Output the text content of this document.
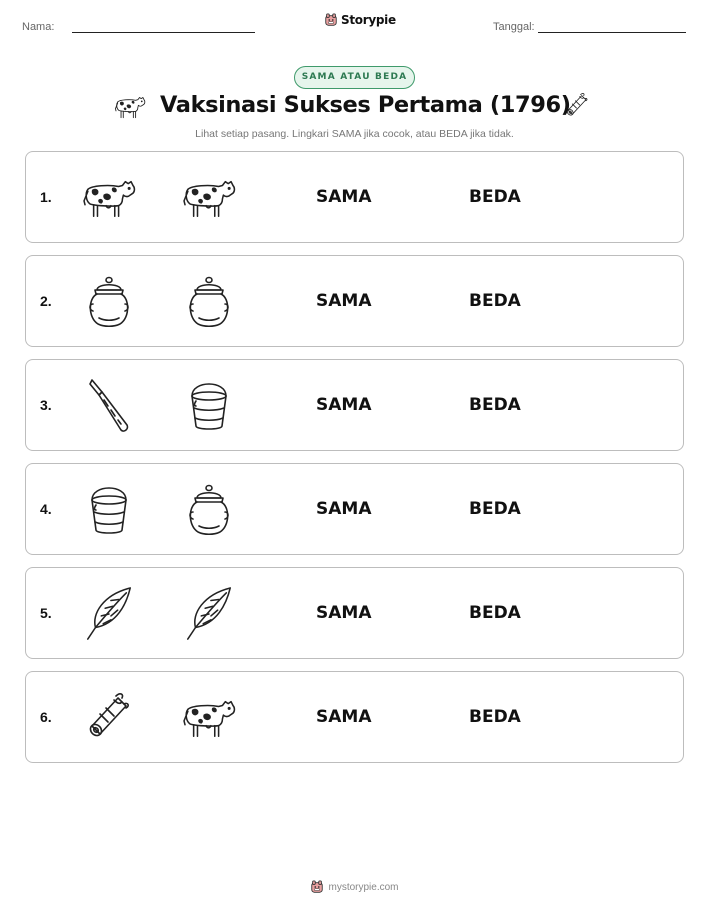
Nama:	Storypie	Tanggal:
SAMA ATAU BEDA
Vaksinasi Sukses Pertama (1796)
Lihat setiap pasang. Lingkari SAMA jika cocok, atau BEDA jika tidak.
1.	SAMA	BEDA
2.	SAMA	BEDA
3.	SAMA	BEDA
4.	SAMA	BEDA
5.	SAMA	BEDA
6.	SAMA	BEDA
mystorypie.com
